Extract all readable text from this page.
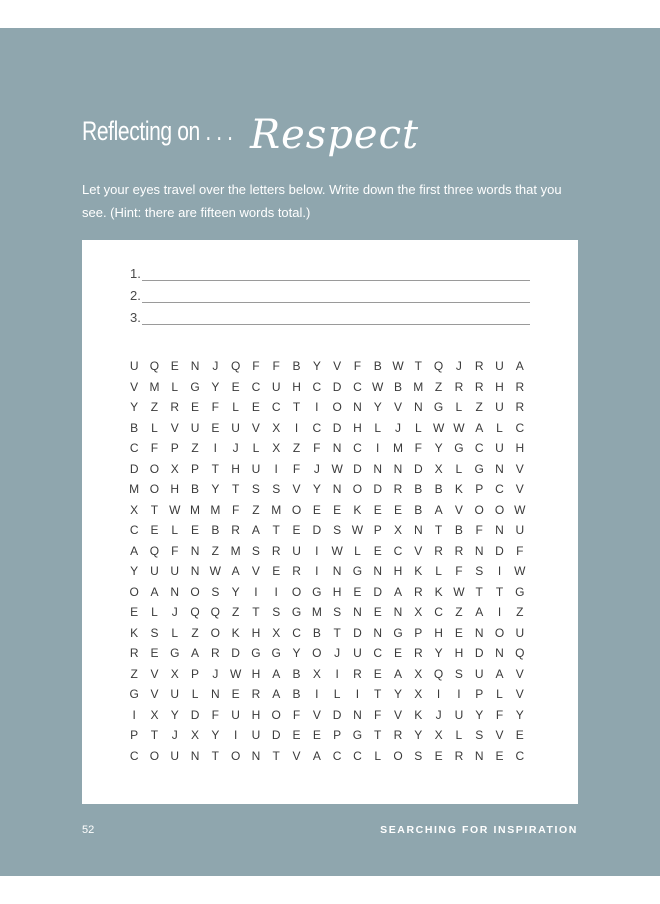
Reflecting on . . . Respect
Let your eyes travel over the letters below. Write down the first three words that you see. (Hint: there are fifteen words total.)
1.
2.
3.
U Q E N	J	Q F	F	B	Y	V	F	B W T Q	J	R U A
V M L	G Y	E C U H C D C W B M Z	R R H R
Y	Z	R E	F	L	E C	T	I	O N Y	V N G	L	Z	U R
B	L	V U E U V	X	I	C D H	L	J	L W W A	L	C
C	F	P	Z	I	J	L	X	Z	F	N C	I	M F	Y G C U H
D O X	P	T	H U	I	F	J W D N N D X	L	G N V
M O H B	Y	T	S	S	V	Y N O D R B	B	K	P C V
X	T W M M F	Z M O E	E	K	E	E	B	A	V O O W
C E	L	E	B R A	T	E D S W P	X N	T	B	F	N U
A Q F	N	Z M S R U	I	W L	E C V R R N D	F
Y U U N W A	V	E R	I	N G N H K	L	F	S	I	W
O A N O S	Y	I	I	O G H E D A R K W T	T G
E	L	J	Q Q Z	T	S G M S N E N X C	Z	A	I	Z
K	S	L	Z O K H X C B	T	D N G P H E N O U
R E G A R D G G Y O	J	U C E R Y H D N Q
Z	V	X	P	J W H A	B	X	I	R E	A	X Q S U A	V
G V U	L	N E R A	B	I	L	I	T	Y	X	I	I	P	L	V
I	X	Y D	F	U H O F	V D N	F	V	K	J	U Y	F	Y
P	T	J	X	Y	I	U D E	E	P G T	R Y	X	L	S	V	E
C O U N	T O N	T	V	A C C	L	O S	E R N E C
52	SEARCHING FOR INSPIRATION
